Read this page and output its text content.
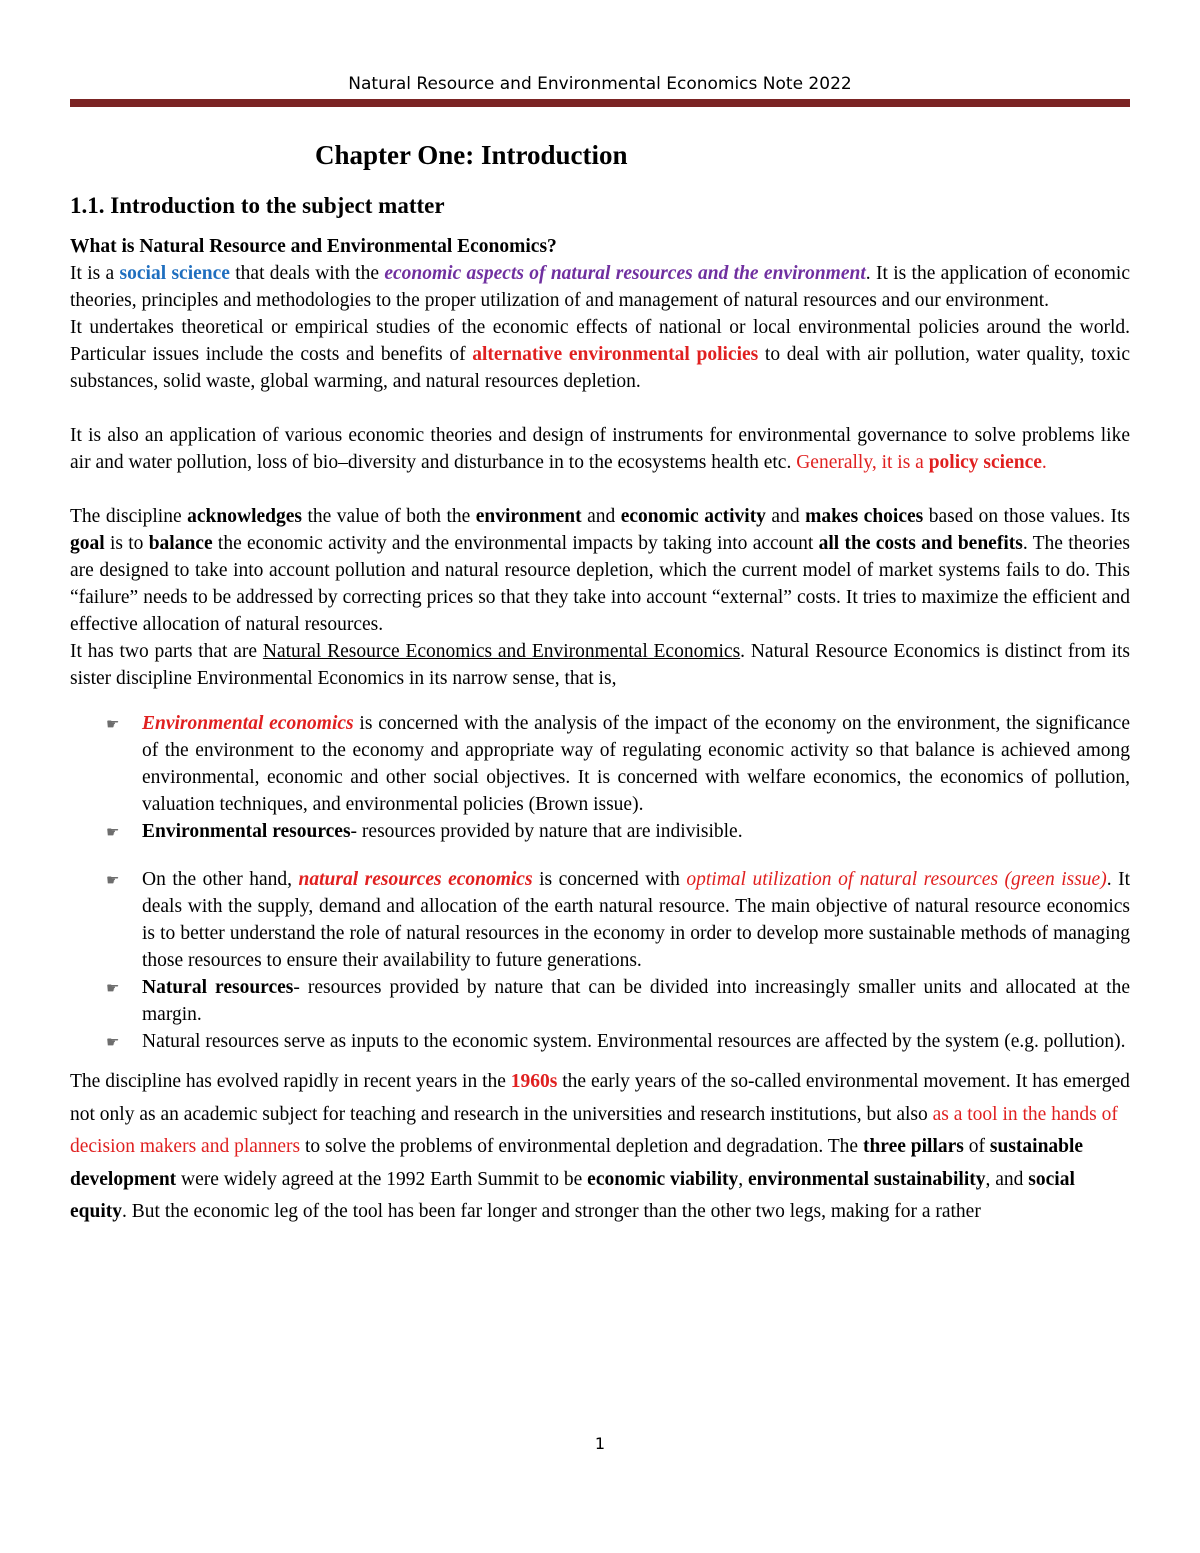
Natural Resource and Environmental Economics Note 2022
Chapter One: Introduction
1.1. Introduction to the subject matter
What is Natural Resource and Environmental Economics?

It is a social science that deals with the economic aspects of natural resources and the environment. It is the application of economic theories, principles and methodologies to the proper utilization of and management of natural resources and our environment.

It undertakes theoretical or empirical studies of the economic effects of national or local environmental policies around the world. Particular issues include the costs and benefits of alternative environmental policies to deal with air pollution, water quality, toxic substances, solid waste, global warming, and natural resources depletion.

It is also an application of various economic theories and design of instruments for environmental governance to solve problems like air and water pollution, loss of bio–diversity and disturbance in to the ecosystems health etc. Generally, it is a policy science.

The discipline acknowledges the value of both the environment and economic activity and makes choices based on those values. Its goal is to balance the economic activity and the environmental impacts by taking into account all the costs and benefits. The theories are designed to take into account pollution and natural resource depletion, which the current model of market systems fails to do. This “failure” needs to be addressed by correcting prices so that they take into account “external” costs. It tries to maximize the efficient and effective allocation of natural resources.

It has two parts that are Natural Resource Economics and Environmental Economics. Natural Resource Economics is distinct from its sister discipline Environmental Economics in its narrow sense, that is,

☛ Environmental economics is concerned with the analysis of the impact of the economy on the environment, the significance of the environment to the economy and appropriate way of regulating economic activity so that balance is achieved among environmental, economic and other social objectives. It is concerned with welfare economics, the economics of pollution, valuation techniques, and environmental policies (Brown issue).
☛ Environmental resources- resources provided by nature that are indivisible.
☛ On the other hand, natural resources economics is concerned with optimal utilization of natural resources (green issue). It deals with the supply, demand and allocation of the earth natural resource. The main objective of natural resource economics is to better understand the role of natural resources in the economy in order to develop more sustainable methods of managing those resources to ensure their availability to future generations.
☛ Natural resources- resources provided by nature that can be divided into increasingly smaller units and allocated at the margin.
☛ Natural resources serve as inputs to the economic system. Environmental resources are affected by the system (e.g. pollution).

The discipline has evolved rapidly in recent years in the 1960s the early years of the so-called environmental movement. It has emerged not only as an academic subject for teaching and research in the universities and research institutions, but also as a tool in the hands of decision makers and planners to solve the problems of environmental depletion and degradation. The three pillars of sustainable development were widely agreed at the 1992 Earth Summit to be economic viability, environmental sustainability, and social equity. But the economic leg of the tool has been far longer and stronger than the other two legs, making for a rather

1
